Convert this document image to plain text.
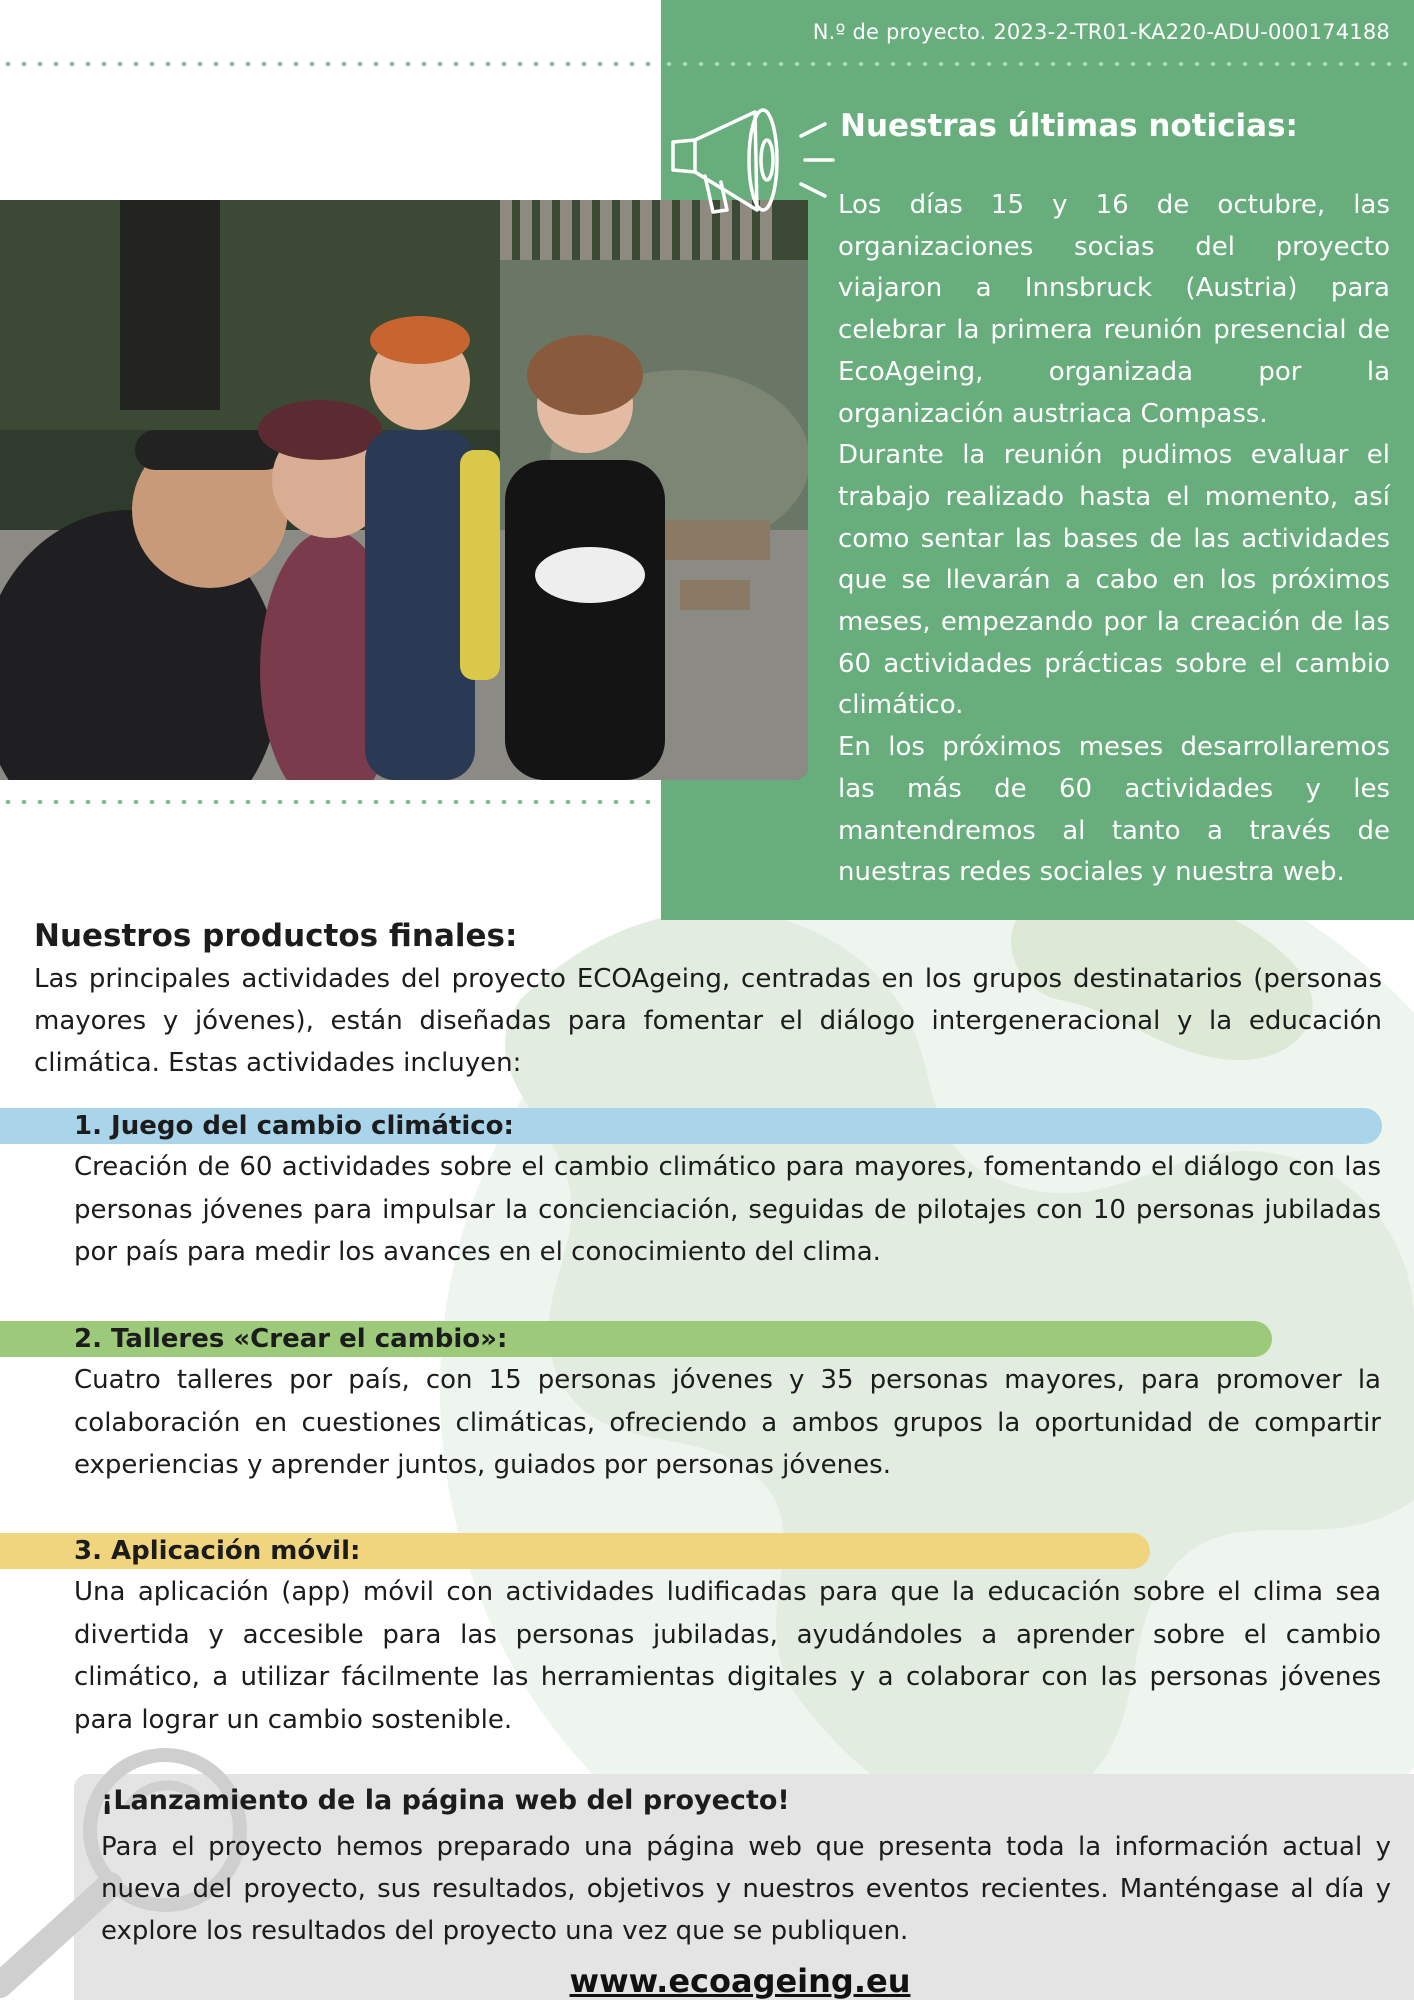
N.º de proyecto. 2023-2-TR01-KA220-ADU-000174188
Nuestras últimas noticias:

Los días 15 y 16 de octubre, las organizaciones socias del proyecto viajaron a Innsbruck (Austria) para celebrar la primera reunión presencial de EcoAgeing, organizada por la organización austriaca Compass.

Durante la reunión pudimos evaluar el trabajo realizado hasta el momento, así como sentar las bases de las actividades que se llevarán a cabo en los próximos meses, empezando por la creación de las 60 actividades prácticas sobre el cambio climático.

En los próximos meses desarrollaremos las más de 60 actividades y les mantendremos al tanto a través de nuestras redes sociales y nuestra web.

Nuestros productos finales:

Las principales actividades del proyecto ECOAgeing, centradas en los grupos destinatarios (personas mayores y jóvenes), están diseñadas para fomentar el diálogo intergeneracional y la educación climática. Estas actividades incluyen:

1. Juego del cambio climático:
Creación de 60 actividades sobre el cambio climático para mayores, fomentando el diálogo con las personas jóvenes para impulsar la concienciación, seguidas de pilotajes con 10 personas jubiladas por país para medir los avances en el conocimiento del clima.
2. Talleres «Crear el cambio»:
Cuatro talleres por país, con 15 personas jóvenes y 35 personas mayores, para promover la colaboración en cuestiones climáticas, ofreciendo a ambos grupos la oportunidad de compartir experiencias y aprender juntos, guiados por personas jóvenes.
3. Aplicación móvil:
Una aplicación (app) móvil con actividades ludificadas para que la educación sobre el clima sea divertida y accesible para las personas jubiladas, ayudándoles a aprender sobre el cambio climático, a utilizar fácilmente las herramientas digitales y a colaborar con las personas jóvenes para lograr un cambio sostenible.
¡Lanzamiento de la página web del proyecto!
Para el proyecto hemos preparado una página web que presenta toda la información actual y nueva del proyecto, sus resultados, objetivos y nuestros eventos recientes. Manténgase al día y explore los resultados del proyecto una vez que se publiquen.
www.ecoageing.eu
